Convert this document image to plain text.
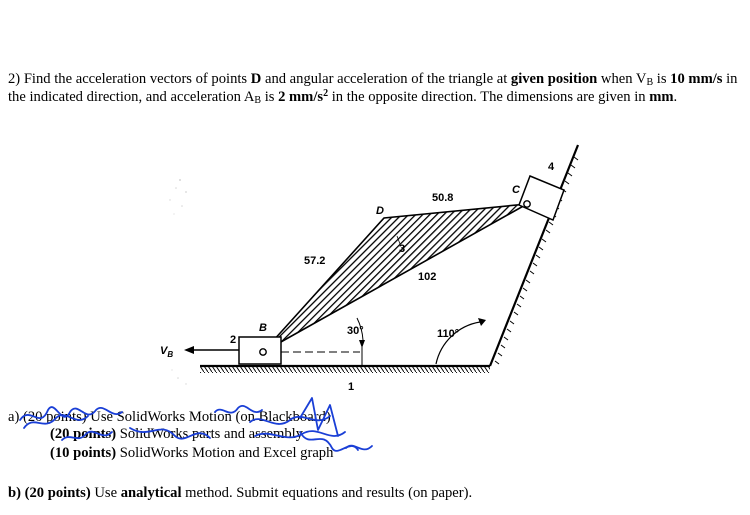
2) Find the acceleration vectors of points D and angular acceleration of the triangle at given position when $V_B$ is 10 mm/s in the indicated direction, and acceleration $A_B$ is 2 $mm/s^2$ in the opposite direction. The dimensions are given in mm.
D
C
B
2
3
4
1
57.2
50.8
102
30°	110°
$V_B$
a) (20 points) Use SolidWorks Motion (on Blackboard)
(20 points) SolidWorks parts and assembly
(10 points) SolidWorks Motion and Excel graph
b) (20 points) Use analytical method. Submit equations and results (on paper).
